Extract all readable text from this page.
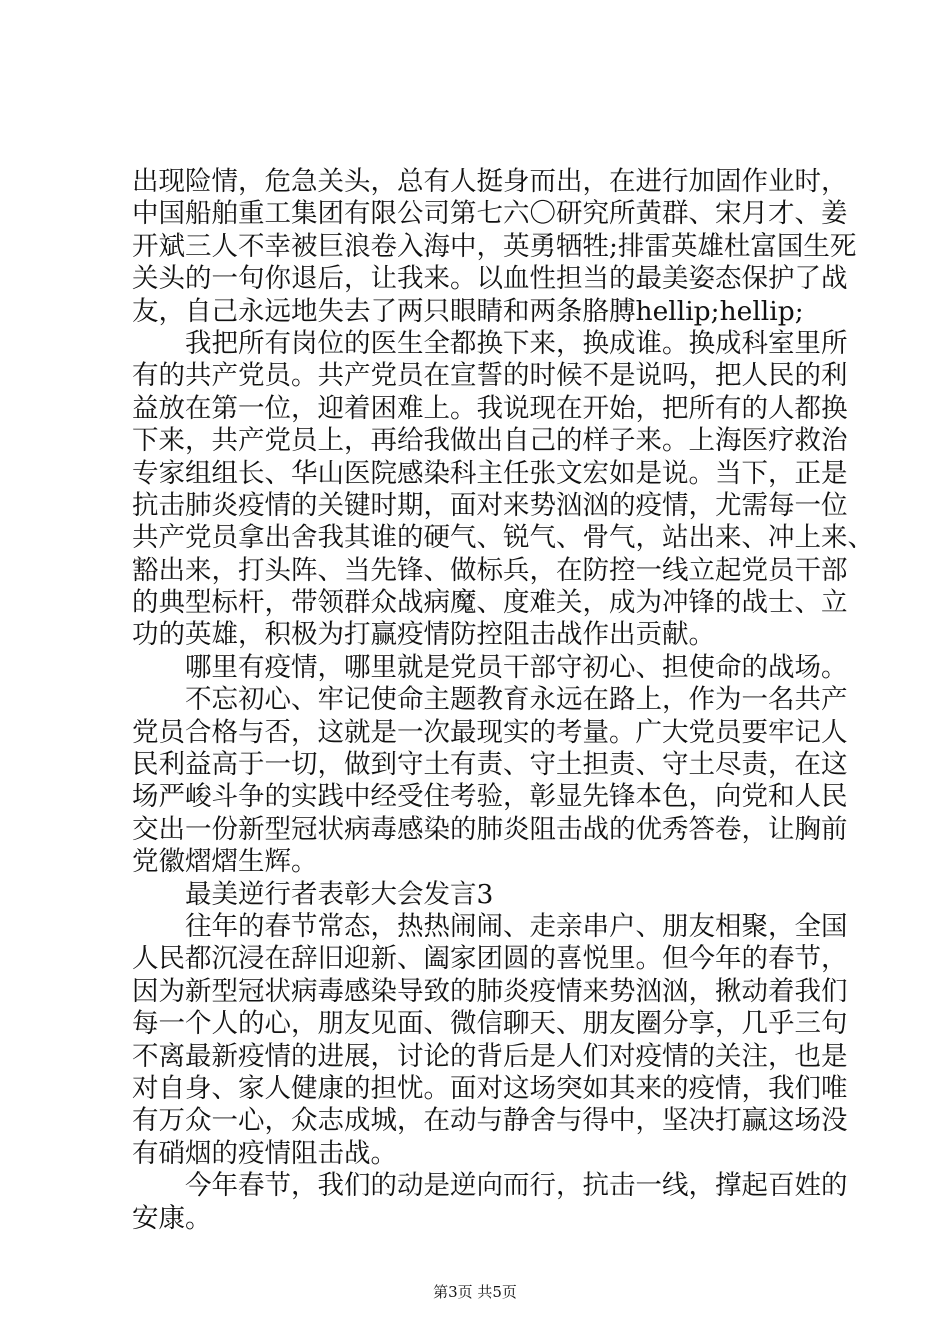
出现险情，危急关头，总有人挺身而出，在进行加固作业时，
中国船舶重工集团有限公司第七六〇研究所黄群、宋月才、姜
开斌三人不幸被巨浪卷入海中，英勇牺牲;排雷英雄杜富国生死
关头的一句你退后，让我来。以血性担当的最美姿态保护了战
友，自己永远地失去了两只眼睛和两条胳膊hellip;hellip;
我把所有岗位的医生全都换下来，换成谁。换成科室里所
有的共产党员。共产党员在宣誓的时候不是说吗，把人民的利
益放在第一位，迎着困难上。我说现在开始，把所有的人都换
下来，共产党员上，再给我做出自己的样子来。上海医疗救治
专家组组长、华山医院感染科主任张文宏如是说。当下，正是
抗击肺炎疫情的关键时期，面对来势汹汹的疫情，尤需每一位
共产党员拿出舍我其谁的硬气、锐气、骨气，站出来、冲上来、
豁出来，打头阵、当先锋、做标兵，在防控一线立起党员干部
的典型标杆，带领群众战病魔、度难关，成为冲锋的战士、立
功的英雄，积极为打赢疫情防控阻击战作出贡献。
哪里有疫情，哪里就是党员干部守初心、担使命的战场。
不忘初心、牢记使命主题教育永远在路上，作为一名共产
党员合格与否，这就是一次最现实的考量。广大党员要牢记人
民利益高于一切，做到守土有责、守土担责、守土尽责，在这
场严峻斗争的实践中经受住考验，彰显先锋本色，向党和人民
交出一份新型冠状病毒感染的肺炎阻击战的优秀答卷，让胸前
党徽熠熠生辉。
最美逆行者表彰大会发言3
往年的春节常态，热热闹闹、走亲串户、朋友相聚，全国
人民都沉浸在辞旧迎新、阖家团圆的喜悦里。但今年的春节，
因为新型冠状病毒感染导致的肺炎疫情来势汹汹，揪动着我们
每一个人的心，朋友见面、微信聊天、朋友圈分享，几乎三句
不离最新疫情的进展，讨论的背后是人们对疫情的关注，也是
对自身、家人健康的担忧。面对这场突如其来的疫情，我们唯
有万众一心，众志成城，在动与静舍与得中，坚决打赢这场没
有硝烟的疫情阻击战。
今年春节，我们的动是逆向而行，抗击一线，撑起百姓的
安康。
第3页 共5页
